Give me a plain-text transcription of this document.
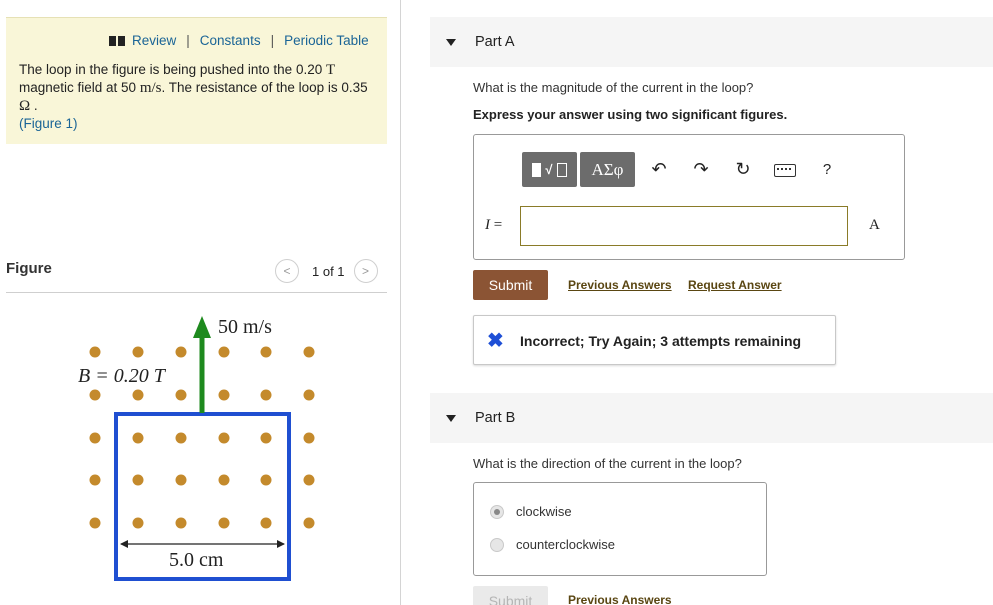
Review | Constants | Periodic Table
The loop in the figure is being pushed into the 0.20 T magnetic field at 50 m/s. The resistance of the loop is 0.35 Ω .
(Figure 1)
Figure	<	1 of 1	>
50 m/s
B = 0.20 T
5.0 cm
Part A
What is the magnitude of the current in the loop?
Express your answer using two significant figures.
√	ΑΣφ	↶	↷	↻	?
I =	A
Submit	Previous Answers Request Answer
✖ Incorrect; Try Again; 3 attempts remaining
Part B
What is the direction of the current in the loop?
clockwise
counterclockwise
Submit	Previous Answers
